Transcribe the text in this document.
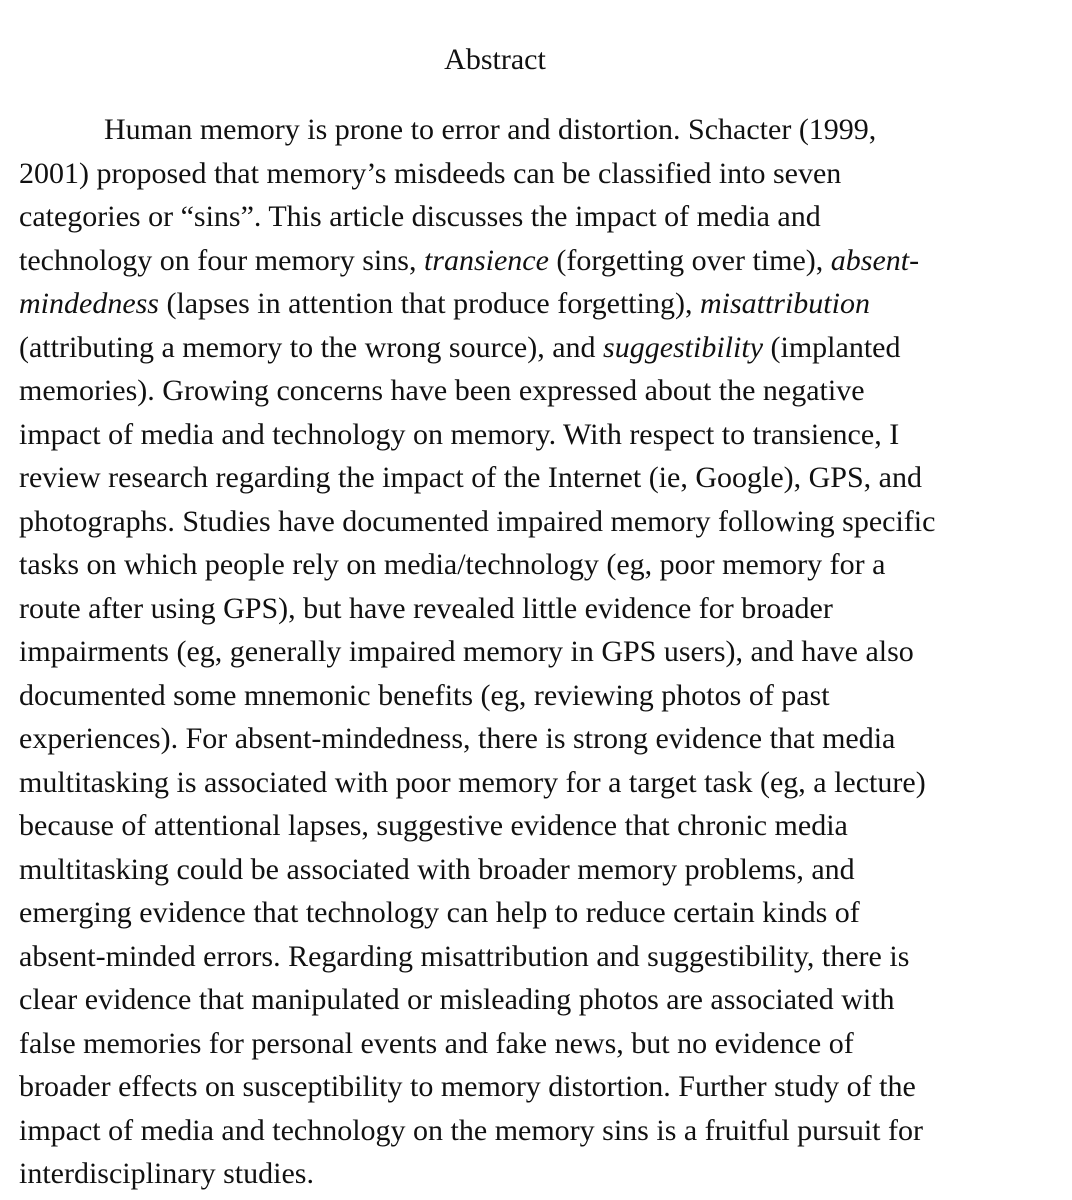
Abstract
Human memory is prone to error and distortion. Schacter (1999,
2001) proposed that memory’s misdeeds can be classified into seven
categories or “sins”. This article discusses the impact of media and
technology on four memory sins, transience (forgetting over time), absent-
mindedness (lapses in attention that produce forgetting), misattribution
(attributing a memory to the wrong source), and suggestibility (implanted
memories). Growing concerns have been expressed about the negative
impact of media and technology on memory. With respect to transience, I
review research regarding the impact of the Internet (ie, Google), GPS, and
photographs. Studies have documented impaired memory following specific
tasks on which people rely on media/technology (eg, poor memory for a
route after using GPS), but have revealed little evidence for broader
impairments (eg, generally impaired memory in GPS users), and have also
documented some mnemonic benefits (eg, reviewing photos of past
experiences). For absent-mindedness, there is strong evidence that media
multitasking is associated with poor memory for a target task (eg, a lecture)
because of attentional lapses, suggestive evidence that chronic media
multitasking could be associated with broader memory problems, and
emerging evidence that technology can help to reduce certain kinds of
absent-minded errors. Regarding misattribution and suggestibility, there is
clear evidence that manipulated or misleading photos are associated with
false memories for personal events and fake news, but no evidence of
broader effects on susceptibility to memory distortion. Further study of the
impact of media and technology on the memory sins is a fruitful pursuit for
interdisciplinary studies.
